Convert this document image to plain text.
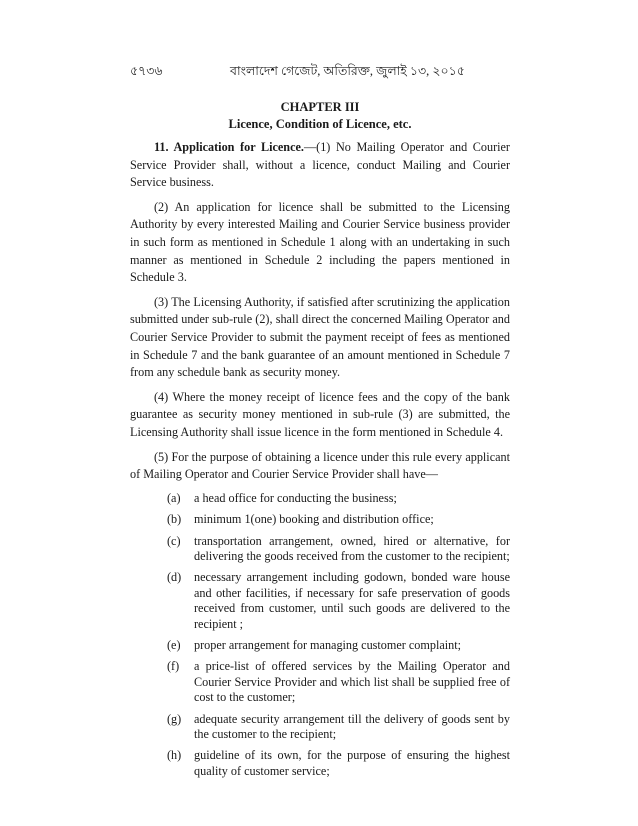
৫৭৩৬	বাংলাদেশ গেজেট, অতিরিক্ত, জুলাই ১৩, ২০১৫
CHAPTER III
Licence, Condition of Licence, etc.

11. Application for Licence.—(1) No Mailing Operator and Courier Service Provider shall, without a licence, conduct Mailing and Courier Service business.

(2) An application for licence shall be submitted to the Licensing Authority by every interested Mailing and Courier Service business provider in such form as mentioned in Schedule 1 along with an undertaking in such manner as mentioned in Schedule 2 including the papers mentioned in Schedule 3.

(3) The Licensing Authority, if satisfied after scrutinizing the application submitted under sub-rule (2), shall direct the concerned Mailing Operator and Courier Service Provider to submit the payment receipt of fees as mentioned in Schedule 7 and the bank guarantee of an amount mentioned in Schedule 7 from any schedule bank as security money.

(4) Where the money receipt of licence fees and the copy of the bank guarantee as security money mentioned in sub-rule (3) are submitted, the Licensing Authority shall issue licence in the form mentioned in Schedule 4.

(5) For the purpose of obtaining a licence under this rule every applicant of Mailing Operator and Courier Service Provider shall have—

(a)	a head office for conducting the business;
(b)	minimum 1(one) booking and distribution office;
(c)	transportation arrangement, owned, hired or alternative, for delivering the goods received from the customer to the recipient;
(d)	necessary arrangement including godown, bonded ware house and other facilities, if necessary for safe preservation of goods received from customer, until such goods are delivered to the recipient ;
(e)	proper arrangement for managing customer complaint;
(f)	a price-list of offered services by the Mailing Operator and Courier Service Provider and which list shall be supplied free of cost to the customer;
(g)	adequate security arrangement till the delivery of goods sent by the customer to the recipient;
(h)	guideline of its own, for the purpose of ensuring the highest quality of customer service;
